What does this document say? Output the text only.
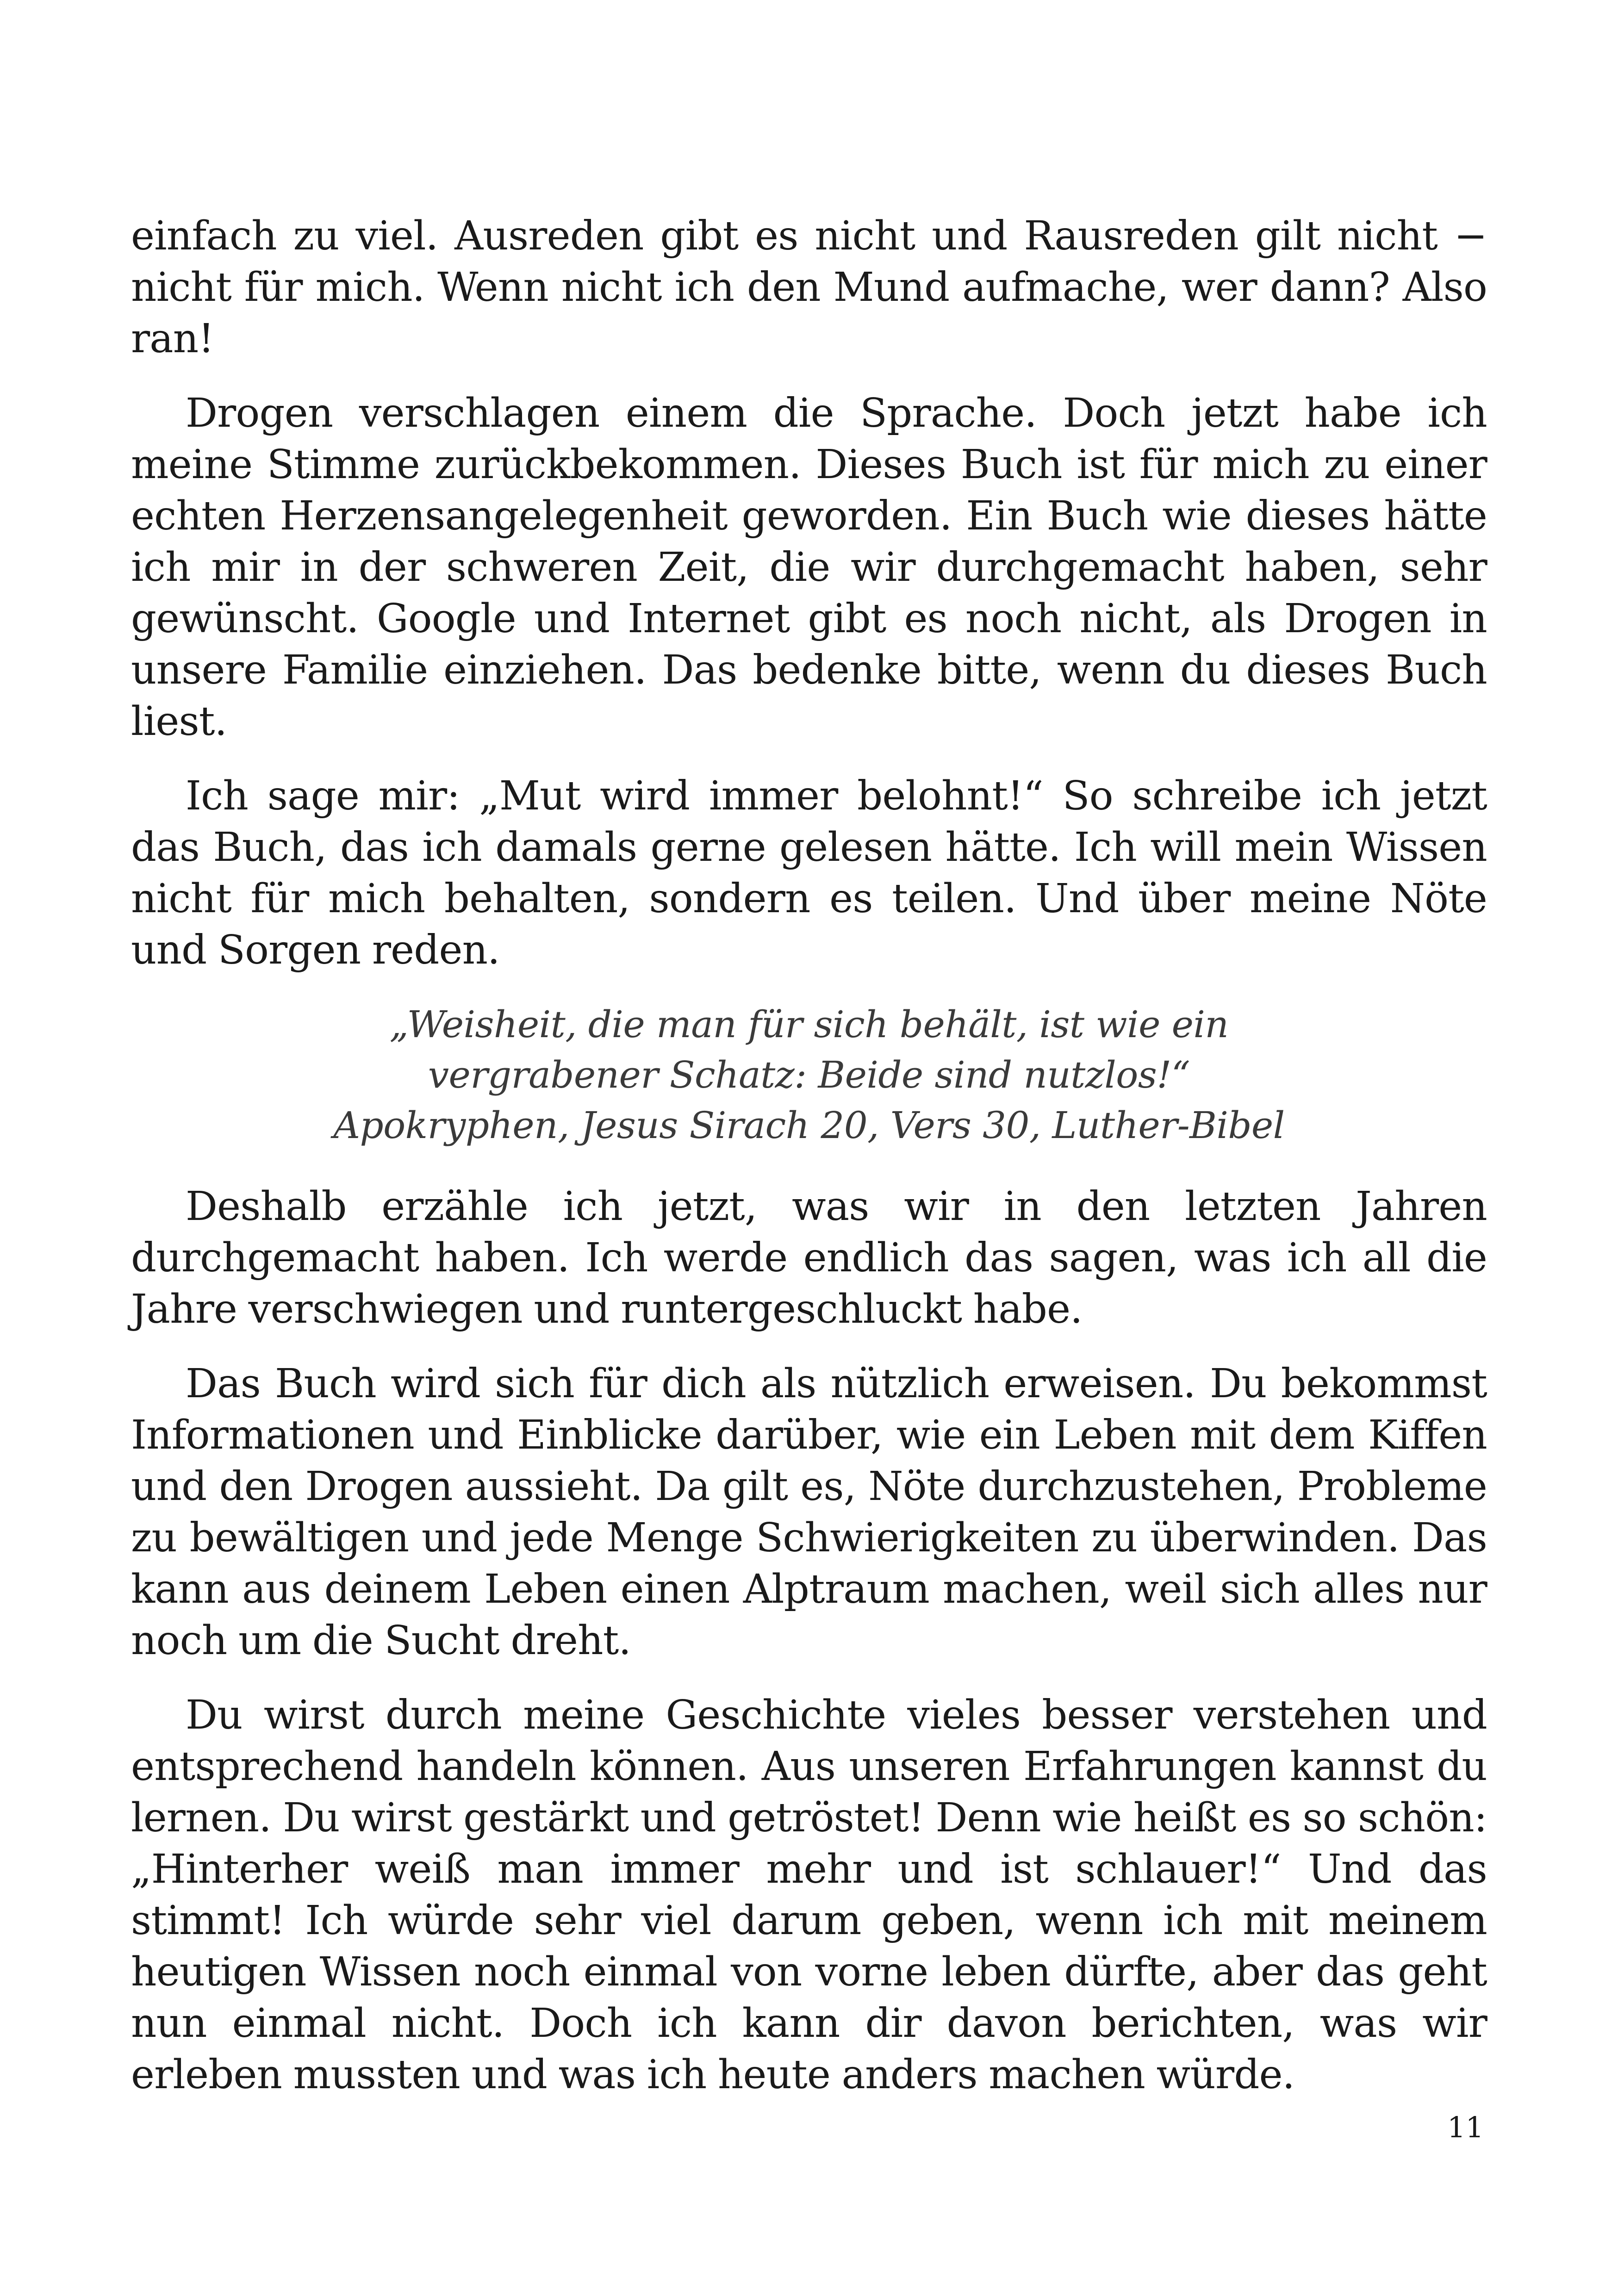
einfach zu viel. Ausreden gibt es nicht und Rausreden gilt nicht − nicht für mich. Wenn nicht ich den Mund aufmache, wer dann? Also ran!

Drogen verschlagen einem die Sprache. Doch jetzt habe ich meine Stimme zurückbekommen. Dieses Buch ist für mich zu einer echten Herzensangelegenheit geworden. Ein Buch wie dieses hätte ich mir in der schweren Zeit, die wir durchgemacht haben, sehr gewünscht. Google und Internet gibt es noch nicht, als Drogen in unsere Familie einziehen. Das bedenke bitte, wenn du dieses Buch liest.

Ich sage mir: „Mut wird immer belohnt!“ So schreibe ich jetzt das Buch, das ich damals gerne gelesen hätte. Ich will mein Wissen nicht für mich behalten, sondern es teilen. Und über meine Nöte und Sorgen reden.

„Weisheit, die man für sich behält, ist wie ein
vergrabener Schatz: Beide sind nutzlos!“
Apokryphen, Jesus Sirach 20, Vers 30, Luther-Bibel

Deshalb erzähle ich jetzt, was wir in den letzten Jahren durchgemacht haben. Ich werde endlich das sagen, was ich all die Jahre verschwiegen und runtergeschluckt habe.

Das Buch wird sich für dich als nützlich erweisen. Du bekommst Informationen und Einblicke darüber, wie ein Leben mit dem Kiffen und den Drogen aussieht. Da gilt es, Nöte durchzustehen, Probleme zu bewältigen und jede Menge Schwierigkeiten zu überwinden. Das kann aus deinem Leben einen Alptraum machen, weil sich alles nur noch um die Sucht dreht.

Du wirst durch meine Geschichte vieles besser verstehen und entsprechend handeln können. Aus unseren Erfahrungen kannst du lernen. Du wirst gestärkt und getröstet! Denn wie heißt es so schön: „Hinterher weiß man immer mehr und ist schlauer!“ Und das stimmt! Ich würde sehr viel darum geben, wenn ich mit meinem heutigen Wissen noch einmal von vorne leben dürfte, aber das geht nun einmal nicht. Doch ich kann dir davon berichten, was wir erleben mussten und was ich heute anders machen würde.

11
